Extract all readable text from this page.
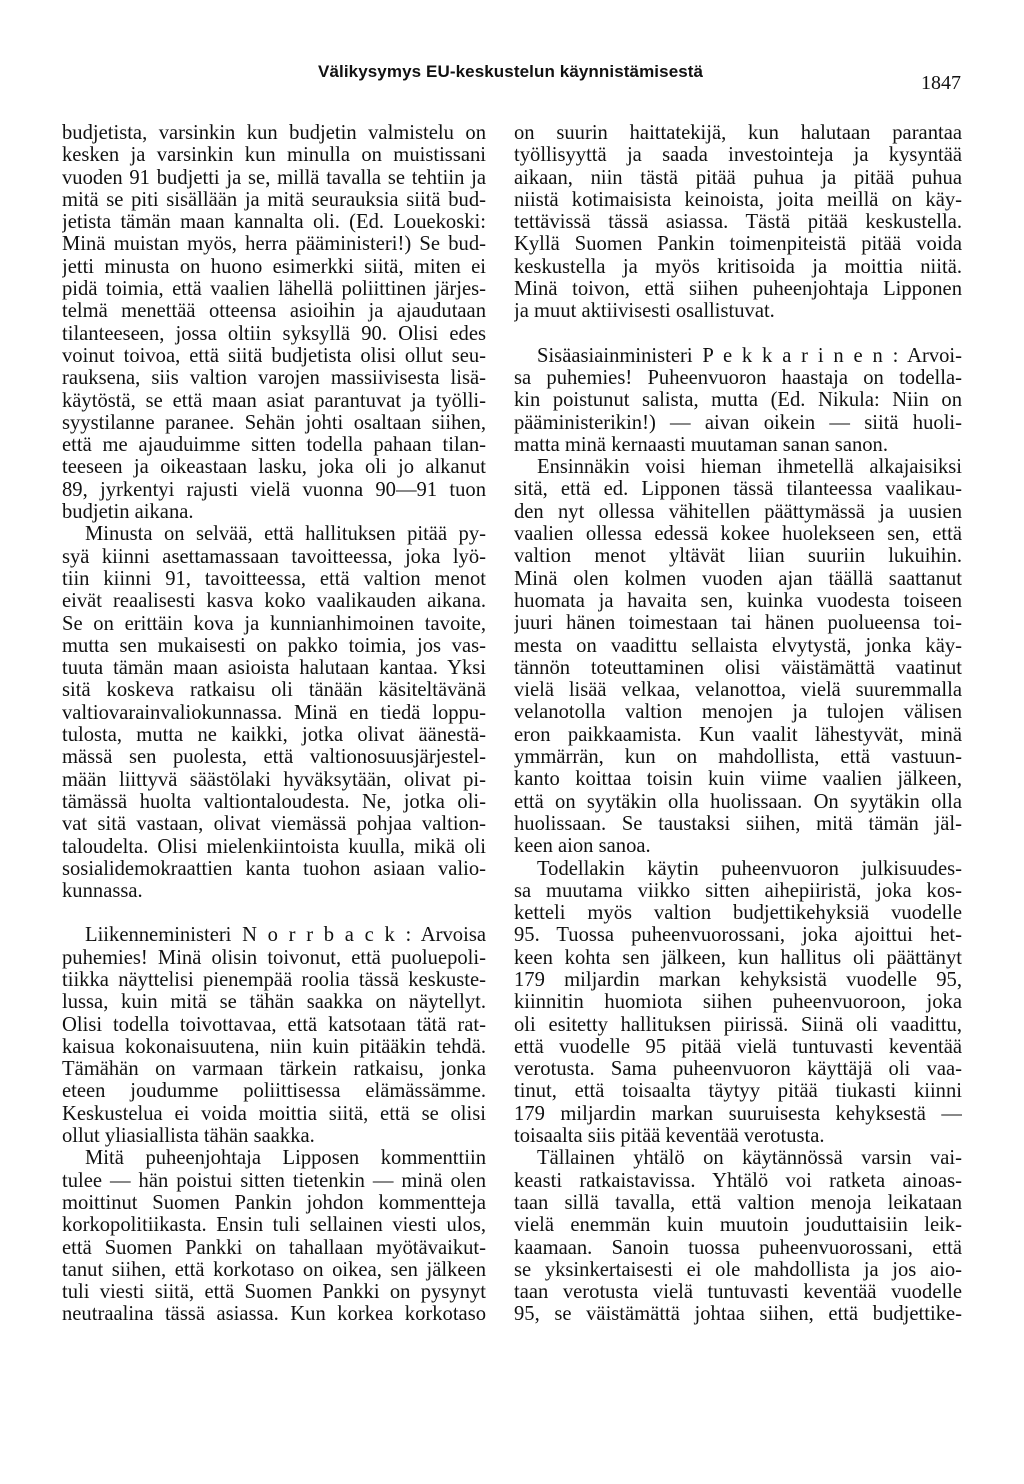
Välikysymys EU-keskustelun käynnistämisestä
1847
budjetista, varsinkin kun budjetin valmistelu on
kesken ja varsinkin kun minulla on muistissani
vuoden 91 budjetti ja se, millä tavalla se tehtiin ja
mitä se piti sisällään ja mitä seurauksia siitä bud-
jetista tämän maan kannalta oli. (Ed. Louekoski:
Minä muistan myös, herra pääministeri!) Se bud-
jetti minusta on huono esimerkki siitä, miten ei
pidä toimia, että vaalien lähellä poliittinen järjes-
telmä menettää otteensa asioihin ja ajaudutaan
tilanteeseen, jossa oltiin syksyllä 90. Olisi edes
voinut toivoa, että siitä budjetista olisi ollut seu-
rauksena, siis valtion varojen massiivisesta lisä-
käytöstä, se että maan asiat parantuvat ja työlli-
syystilanne paranee. Sehän johti osaltaan siihen,
että me ajauduimme sitten todella pahaan tilan-
teeseen ja oikeastaan lasku, joka oli jo alkanut
89, jyrkentyi rajusti vielä vuonna 90—91 tuon
budjetin aikana.
Minusta on selvää, että hallituksen pitää py-
syä kiinni asettamassaan tavoitteessa, joka lyö-
tiin kiinni 91, tavoitteessa, että valtion menot
eivät reaalisesti kasva koko vaalikauden aikana.
Se on erittäin kova ja kunnianhimoinen tavoite,
mutta sen mukaisesti on pakko toimia, jos vas-
tuuta tämän maan asioista halutaan kantaa. Yksi
sitä koskeva ratkaisu oli tänään käsiteltävänä
valtiovarainvaliokunnassa. Minä en tiedä loppu-
tulosta, mutta ne kaikki, jotka olivat äänestä-
mässä sen puolesta, että valtionosuusjärjestel-
mään liittyvä säästölaki hyväksytään, olivat pi-
tämässä huolta valtiontaloudesta. Ne, jotka oli-
vat sitä vastaan, olivat viemässä pohjaa valtion-
taloudelta. Olisi mielenkiintoista kuulla, mikä oli
sosialidemokraattien kanta tuohon asiaan valio-
kunnassa.
Liikenneministeri N o r r b a c k : Arvoisa
puhemies! Minä olisin toivonut, että puoluepoli-
tiikka näyttelisi pienempää roolia tässä keskuste-
lussa, kuin mitä se tähän saakka on näytellyt.
Olisi todella toivottavaa, että katsotaan tätä rat-
kaisua kokonaisuutena, niin kuin pitääkin tehdä.
Tämähän on varmaan tärkein ratkaisu, jonka
eteen joudumme poliittisessa elämässämme.
Keskustelua ei voida moittia siitä, että se olisi
ollut yliasiallista tähän saakka.
Mitä puheenjohtaja Lipposen kommenttiin
tulee — hän poistui sitten tietenkin — minä olen
moittinut Suomen Pankin johdon kommentteja
korkopolitiikasta. Ensin tuli sellainen viesti ulos,
että Suomen Pankki on tahallaan myötävaikut-
tanut siihen, että korkotaso on oikea, sen jälkeen
tuli viesti siitä, että Suomen Pankki on pysynyt
neutraalina tässä asiassa. Kun korkea korkotaso
on suurin haittatekijä, kun halutaan parantaa
työllisyyttä ja saada investointeja ja kysyntää
aikaan, niin tästä pitää puhua ja pitää puhua
niistä kotimaisista keinoista, joita meillä on käy-
tettävissä tässä asiassa. Tästä pitää keskustella.
Kyllä Suomen Pankin toimenpiteistä pitää voida
keskustella ja myös kritisoida ja moittia niitä.
Minä toivon, että siihen puheenjohtaja Lipponen
ja muut aktiivisesti osallistuvat.
Sisäasiainministeri P e k k a r i n e n : Arvoi-
sa puhemies! Puheenvuoron haastaja on todella-
kin poistunut salista, mutta (Ed. Nikula: Niin on
pääministerikin!) — aivan oikein — siitä huoli-
matta minä kernaasti muutaman sanan sanon.
Ensinnäkin voisi hieman ihmetellä alkajaisiksi
sitä, että ed. Lipponen tässä tilanteessa vaalikau-
den nyt ollessa vähitellen päättymässä ja uusien
vaalien ollessa edessä kokee huolekseen sen, että
valtion menot yltävät liian suuriin lukuihin.
Minä olen kolmen vuoden ajan täällä saattanut
huomata ja havaita sen, kuinka vuodesta toiseen
juuri hänen toimestaan tai hänen puolueensa toi-
mesta on vaadittu sellaista elvytystä, jonka käy-
tännön toteuttaminen olisi väistämättä vaatinut
vielä lisää velkaa, velanottoa, vielä suuremmalla
velanotolla valtion menojen ja tulojen välisen
eron paikkaamista. Kun vaalit lähestyvät, minä
ymmärrän, kun on mahdollista, että vastuun-
kanto koittaa toisin kuin viime vaalien jälkeen,
että on syytäkin olla huolissaan. On syytäkin olla
huolissaan. Se taustaksi siihen, mitä tämän jäl-
keen aion sanoa.
Todellakin käytin puheenvuoron julkisuudes-
sa muutama viikko sitten aihepiiristä, joka kos-
ketteli myös valtion budjettikehyksiä vuodelle
95. Tuossa puheenvuorossani, joka ajoittui het-
keen kohta sen jälkeen, kun hallitus oli päättänyt
179 miljardin markan kehyksistä vuodelle 95,
kiinnitin huomiota siihen puheenvuoroon, joka
oli esitetty hallituksen piirissä. Siinä oli vaadittu,
että vuodelle 95 pitää vielä tuntuvasti keventää
verotusta. Sama puheenvuoron käyttäjä oli vaa-
tinut, että toisaalta täytyy pitää tiukasti kiinni
179 miljardin markan suuruisesta kehyksestä —
toisaalta siis pitää keventää verotusta.
Tällainen yhtälö on käytännössä varsin vai-
keasti ratkaistavissa. Yhtälö voi ratketa ainoas-
taan sillä tavalla, että valtion menoja leikataan
vielä enemmän kuin muutoin jouduttaisiin leik-
kaamaan. Sanoin tuossa puheenvuorossani, että
se yksinkertaisesti ei ole mahdollista ja jos aio-
taan verotusta vielä tuntuvasti keventää vuodelle
95, se väistämättä johtaa siihen, että budjettike-
